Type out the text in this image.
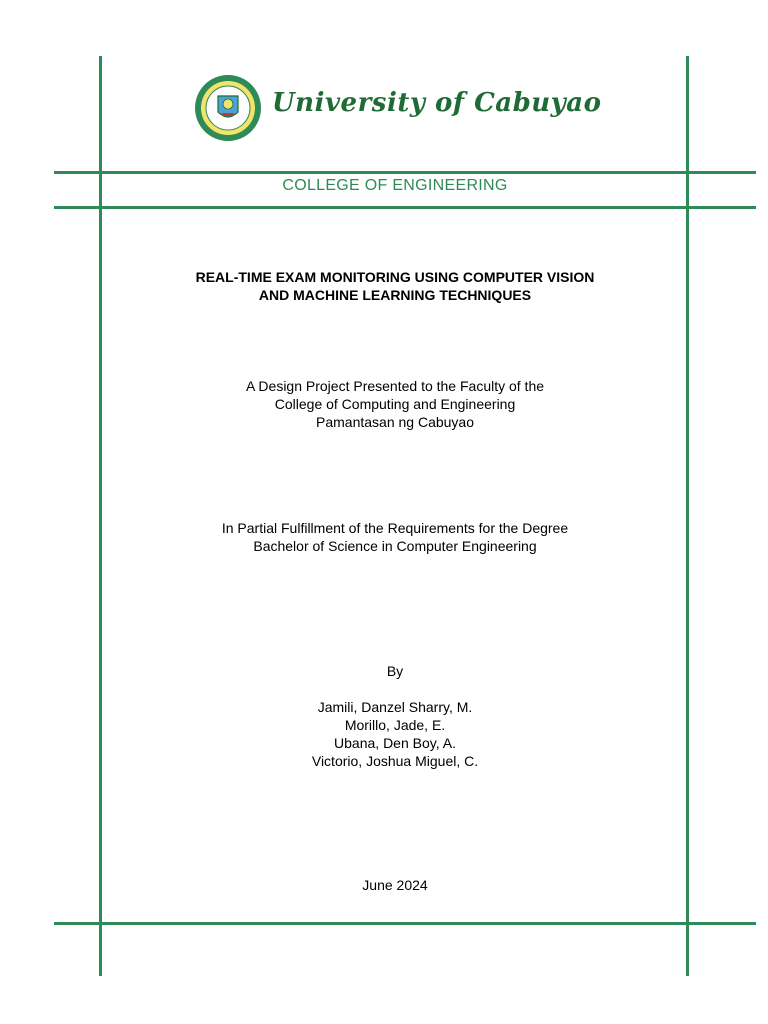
University of Cabuyao
COLLEGE OF ENGINEERING
REAL-TIME EXAM MONITORING USING COMPUTER VISION
AND MACHINE LEARNING TECHNIQUES
A Design Project Presented to the Faculty of the
College of Computing and Engineering
Pamantasan ng Cabuyao
In Partial Fulfillment of the Requirements for the Degree
Bachelor of Science in Computer Engineering
By
Jamili, Danzel Sharry, M.
Morillo, Jade, E.
Ubana, Den Boy, A.
Victorio, Joshua Miguel, C.
June 2024
